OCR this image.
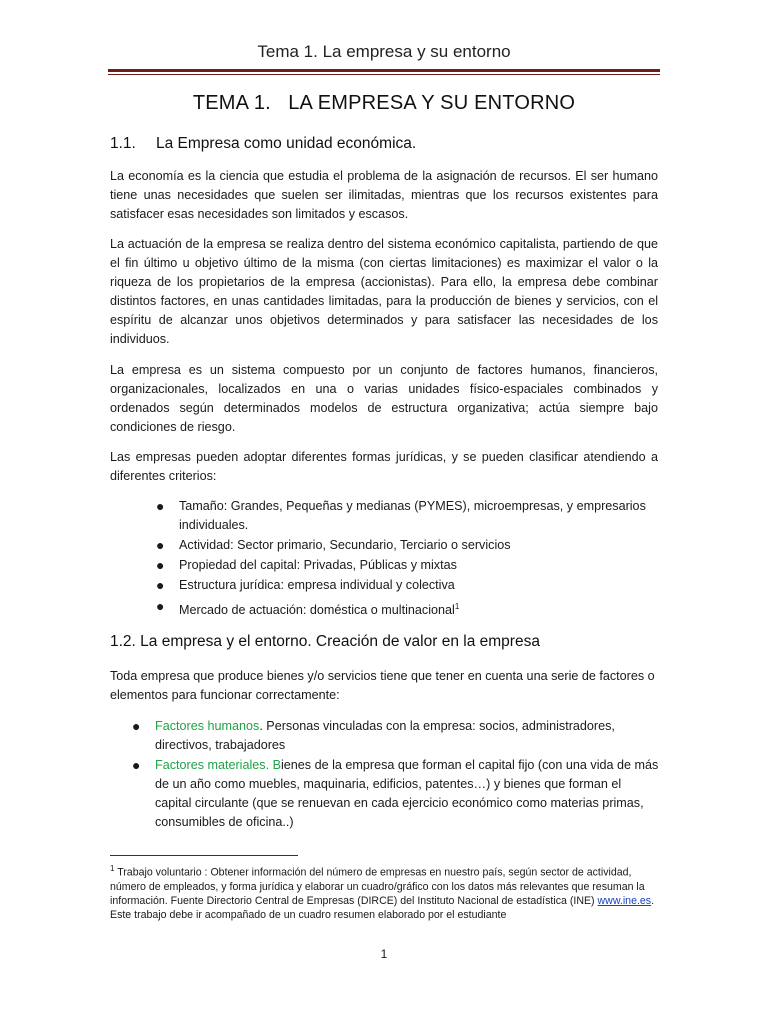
Tema 1. La empresa y su entorno
TEMA 1.   LA EMPRESA Y SU ENTORNO
1.1. La Empresa como unidad económica.

La economía es la ciencia que estudia el problema de la asignación de recursos. El ser humano tiene unas necesidades que suelen ser ilimitadas, mientras que los recursos existentes para satisfacer esas necesidades son limitados y escasos.

La actuación de la empresa se realiza dentro del sistema económico capitalista, partiendo de que el fin último u objetivo último de la misma (con ciertas limitaciones) es maximizar el valor o la riqueza de los propietarios de la empresa (accionistas). Para ello, la empresa debe combinar distintos factores, en unas cantidades limitadas, para la producción de bienes y servicios, con el espíritu de alcanzar unos objetivos determinados y para satisfacer las necesidades de los individuos.

La empresa es un sistema compuesto por un conjunto de factores humanos, financieros, organizacionales, localizados en una o varias unidades físico-espaciales combinados y ordenados según determinados modelos de estructura organizativa; actúa siempre bajo condiciones de riesgo.

Las empresas pueden adoptar diferentes formas jurídicas, y se pueden clasificar atendiendo a diferentes criterios:

● Tamaño: Grandes, Pequeñas y medianas (PYMES), microempresas, y empresarios individuales.
● Actividad: Sector primario, Secundario, Terciario o servicios
● Propiedad del capital: Privadas, Públicas y mixtas
● Estructura jurídica: empresa individual y colectiva
● Mercado de actuación: doméstica o multinacional$^1$
1.2. La empresa y el entorno. Creación de valor en la empresa

Toda empresa que produce bienes y/o servicios tiene que tener en cuenta una serie de factores o elementos para funcionar correctamente:

● Factores humanos. Personas vinculadas con la empresa: socios, administradores, directivos, trabajadores
● Factores materiales. Bienes de la empresa que forman el capital fijo (con una vida de más de un año como muebles, maquinaria, edificios, patentes…) y bienes que forman el capital circulante (que se renuevan en cada ejercicio económico como materias primas, consumibles de oficina..)

$^1$ Trabajo voluntario : Obtener información del número de empresas en nuestro país, según sector de actividad, número de empleados, y forma jurídica y elaborar un cuadro/gráfico con los datos más relevantes que resuman la información. Fuente Directorio Central de Empresas (DIRCE) del Instituto Nacional de estadística (INE) www.ine.es. Este trabajo debe ir acompañado de un cuadro resumen elaborado por el estudiante

1
